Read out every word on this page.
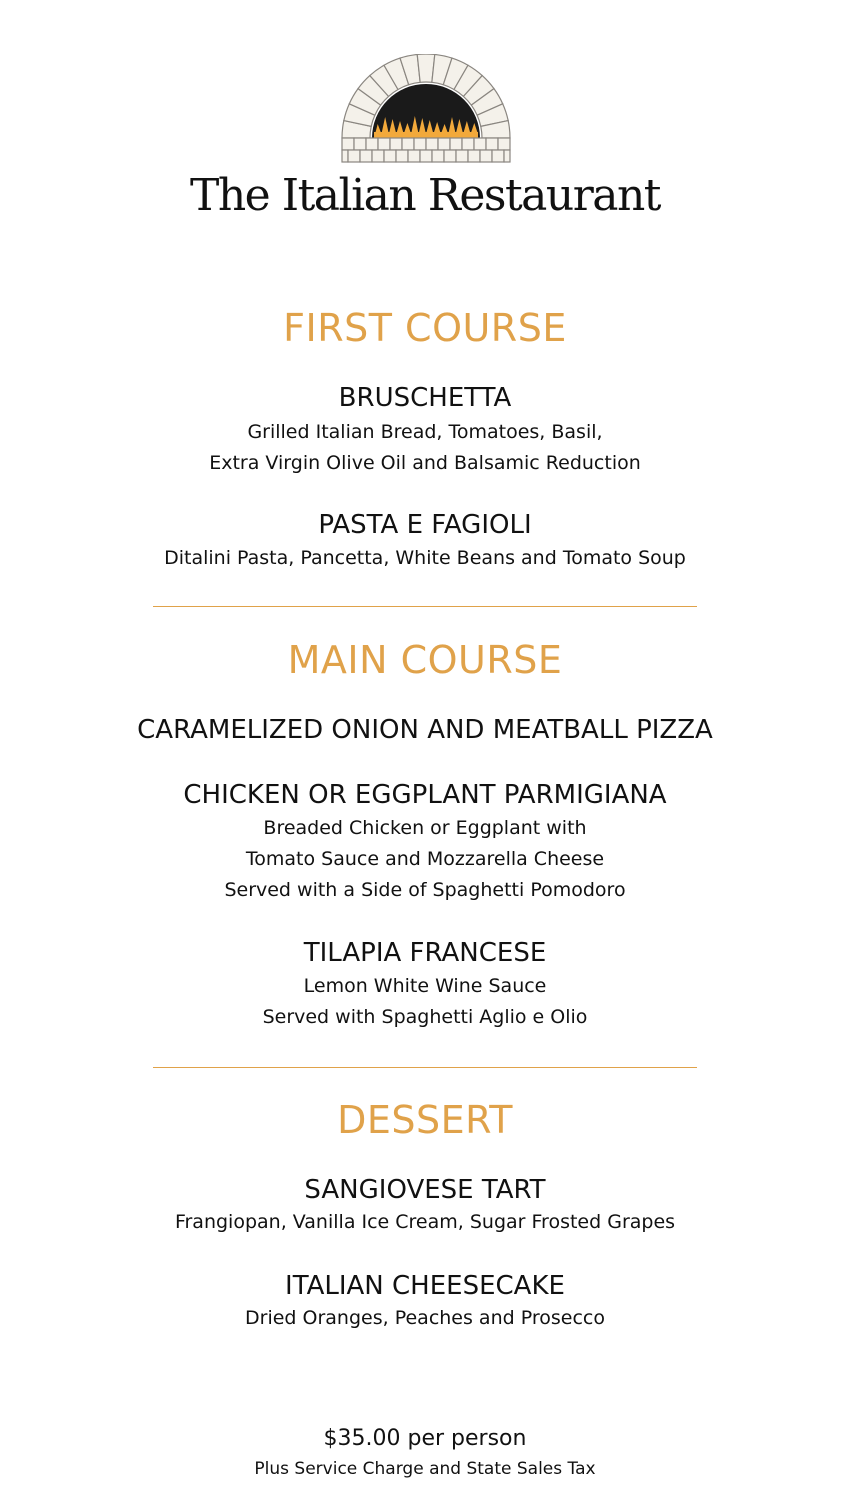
The Italian Restaurant
FIRST COURSE
BRUSCHETTA
Grilled Italian Bread, Tomatoes, Basil,
Extra Virgin Olive Oil and Balsamic Reduction
PASTA E FAGIOLI
Ditalini Pasta, Pancetta, White Beans and Tomato Soup
MAIN COURSE
CARAMELIZED ONION AND MEATBALL PIZZA
CHICKEN OR EGGPLANT PARMIGIANA
Breaded Chicken or Eggplant with
Tomato Sauce and Mozzarella Cheese
Served with a Side of Spaghetti Pomodoro
TILAPIA FRANCESE
Lemon White Wine Sauce
Served with Spaghetti Aglio e Olio
DESSERT
SANGIOVESE TART
Frangiopan, Vanilla Ice Cream, Sugar Frosted Grapes
ITALIAN CHEESECAKE
Dried Oranges, Peaches and Prosecco
$35.00 per person
Plus Service Charge and State Sales Tax
